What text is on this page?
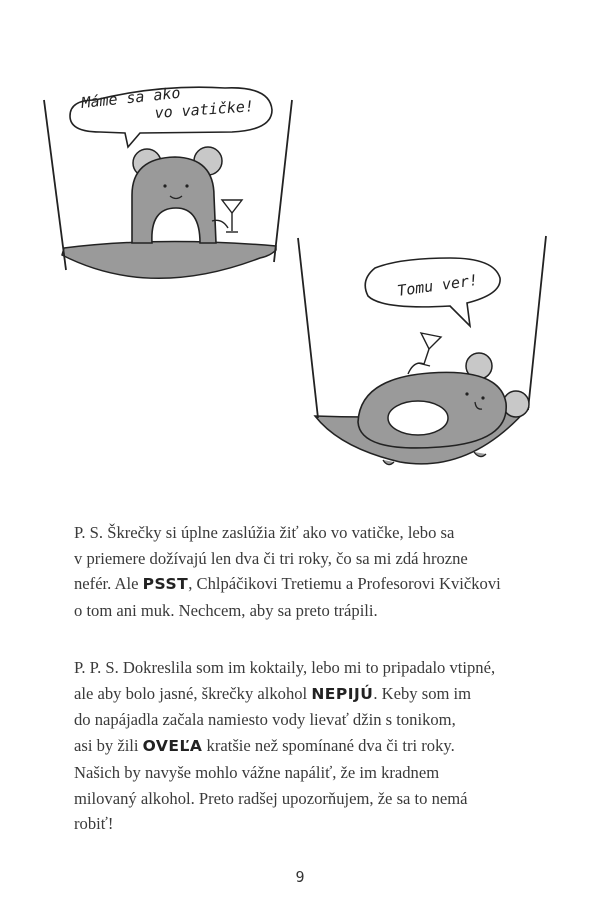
Máme sa ako
vo vatičke!
Tomu ver!

P. S. Škrečky si úplne zaslúžia žiť ako vo vatičke, lebo sa
v priemere dožívajú len dva či tri roky, čo sa mi zdá hrozne
nefér. Ale PSST, Chlpáčikovi Tretiemu a Profesorovi Kvičkovi
o tom ani muk. Nechcem, aby sa preto trápili.

P. P. S. Dokreslila som im koktaily, lebo mi to pripadalo vtipné,
ale aby bolo jasné, škrečky alkohol NEPIJÚ. Keby som im
do napájadla začala namiesto vody lievať džin s tonikom,
asi by žili OVEĽA kratšie než spomínané dva či tri roky.
Našich by navyše mohlo vážne napáliť, že im kradnem
milovaný alkohol. Preto radšej upozorňujem, že sa to nemá
robiť!

9
